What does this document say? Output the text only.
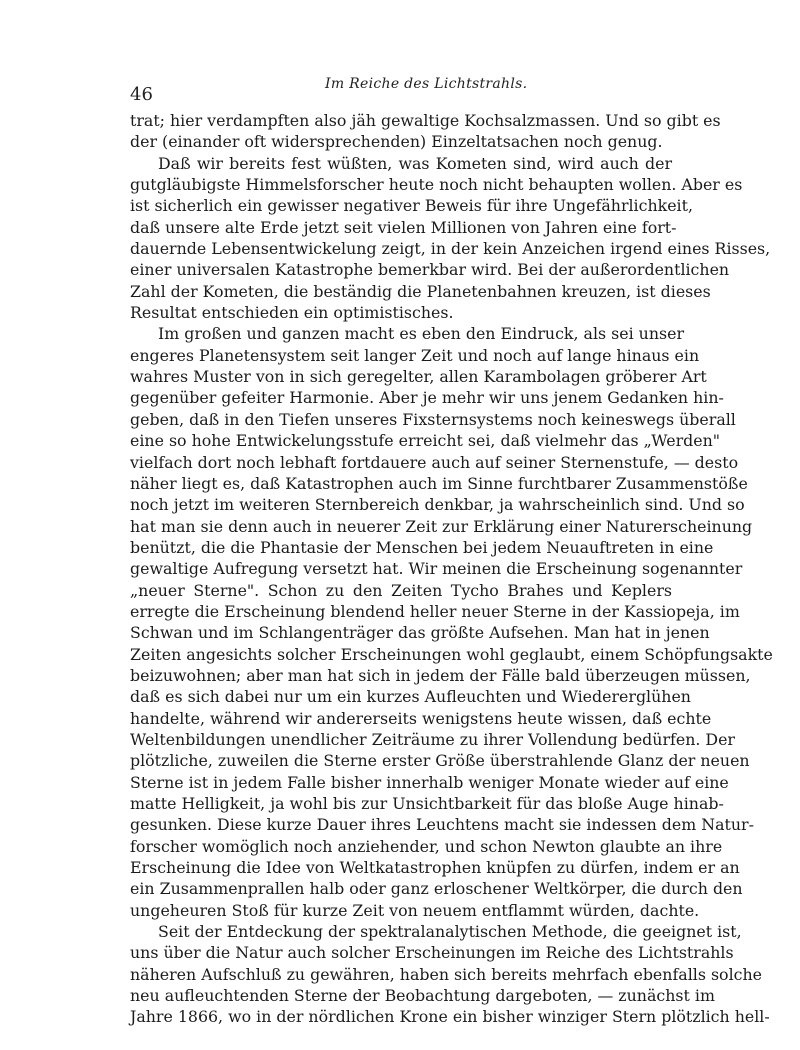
46	Im Reiche des Lichtstrahls.
trat; hier verdampften also jäh gewaltige Kochsalzmassen. Und so gibt es
der (einander oft widersprechenden) Einzeltatsachen noch genug.
Daß wir bereits fest wüßten, was Kometen sind, wird auch der
gutgläubigste Himmelsforscher heute noch nicht behaupten wollen. Aber es
ist sicherlich ein gewisser negativer Beweis für ihre Ungefährlichkeit,
daß unsere alte Erde jetzt seit vielen Millionen von Jahren eine fort-
dauernde Lebensentwickelung zeigt, in der kein Anzeichen irgend eines Risses,
einer universalen Katastrophe bemerkbar wird. Bei der außerordentlichen
Zahl der Kometen, die beständig die Planetenbahnen kreuzen, ist dieses
Resultat entschieden ein optimistisches.
Im großen und ganzen macht es eben den Eindruck, als sei unser
engeres Planetensystem seit langer Zeit und noch auf lange hinaus ein
wahres Muster von in sich geregelter, allen Karambolagen gröberer Art
gegenüber gefeiter Harmonie. Aber je mehr wir uns jenem Gedanken hin-
geben, daß in den Tiefen unseres Fixsternsystems noch keineswegs überall
eine so hohe Entwickelungsstufe erreicht sei, daß vielmehr das „Werden"
vielfach dort noch lebhaft fortdauere auch auf seiner Sternenstufe, — desto
näher liegt es, daß Katastrophen auch im Sinne furchtbarer Zusammenstöße
noch jetzt im weiteren Sternbereich denkbar, ja wahrscheinlich sind. Und so
hat man sie denn auch in neuerer Zeit zur Erklärung einer Naturerscheinung
benützt, die die Phantasie der Menschen bei jedem Neuauftreten in eine
gewaltige Aufregung versetzt hat. Wir meinen die Erscheinung sogenannter
„neuer Sterne". Schon zu den Zeiten Tycho Brahes und Keplers
erregte die Erscheinung blendend heller neuer Sterne in der Kassiopeja, im
Schwan und im Schlangenträger das größte Aufsehen. Man hat in jenen
Zeiten angesichts solcher Erscheinungen wohl geglaubt, einem Schöpfungsakte
beizuwohnen; aber man hat sich in jedem der Fälle bald überzeugen müssen,
daß es sich dabei nur um ein kurzes Aufleuchten und Wiedererglühen
handelte, während wir andererseits wenigstens heute wissen, daß echte
Weltenbildungen unendlicher Zeiträume zu ihrer Vollendung bedürfen. Der
plötzliche, zuweilen die Sterne erster Größe überstrahlende Glanz der neuen
Sterne ist in jedem Falle bisher innerhalb weniger Monate wieder auf eine
matte Helligkeit, ja wohl bis zur Unsichtbarkeit für das bloße Auge hinab-
gesunken. Diese kurze Dauer ihres Leuchtens macht sie indessen dem Natur-
forscher womöglich noch anziehender, und schon Newton glaubte an ihre
Erscheinung die Idee von Weltkatastrophen knüpfen zu dürfen, indem er an
ein Zusammenprallen halb oder ganz erloschener Weltkörper, die durch den
ungeheuren Stoß für kurze Zeit von neuem entflammt würden, dachte.
Seit der Entdeckung der spektralanalytischen Methode, die geeignet ist,
uns über die Natur auch solcher Erscheinungen im Reiche des Lichtstrahls
näheren Aufschluß zu gewähren, haben sich bereits mehrfach ebenfalls solche
neu aufleuchtenden Sterne der Beobachtung dargeboten, — zunächst im
Jahre 1866, wo in der nördlichen Krone ein bisher winziger Stern plötzlich hell-
